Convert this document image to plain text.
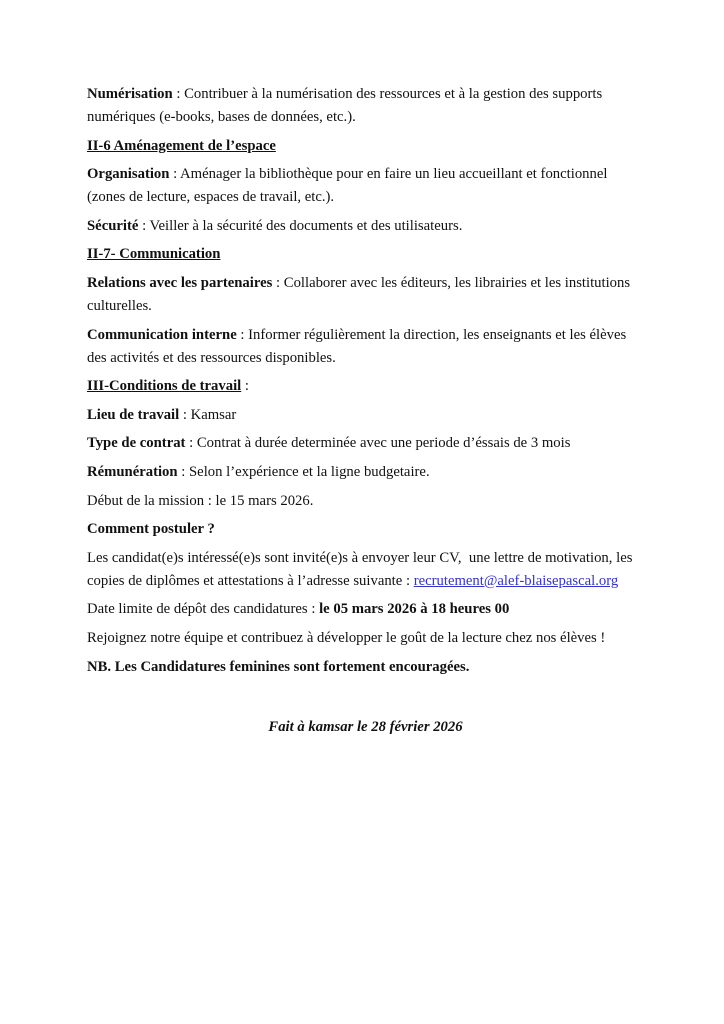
Numérisation : Contribuer à la numérisation des ressources et à la gestion des supports numériques (e-books, bases de données, etc.).

II-6 Aménagement de l’espace

Organisation : Aménager la bibliothèque pour en faire un lieu accueillant et fonctionnel (zones de lecture, espaces de travail, etc.).

Sécurité : Veiller à la sécurité des documents et des utilisateurs.

II-7- Communication

Relations avec les partenaires : Collaborer avec les éditeurs, les librairies et les institutions culturelles.

Communication interne : Informer régulièrement la direction, les enseignants et les élèves des activités et des ressources disponibles.

III-Conditions de travail :

Lieu de travail : Kamsar

Type de contrat : Contrat à durée determinée avec une periode d’éssais de 3 mois

Rémunération : Selon l’expérience et la ligne budgetaire.

Début de la mission : le 15 mars 2026.

Comment postuler ?

Les candidat(e)s intéressé(e)s sont invité(e)s à envoyer leur CV,  une lettre de motivation, les copies de diplômes et attestations à l’adresse suivante : recrutement@alef-blaisepascal.org

Date limite de dépôt des candidatures : le 05 mars 2026 à 18 heures 00

Rejoignez notre équipe et contribuez à développer le goût de la lecture chez nos élèves !

NB. Les Candidatures feminines sont fortement encouragées.

Fait à kamsar le 28 février 2026
